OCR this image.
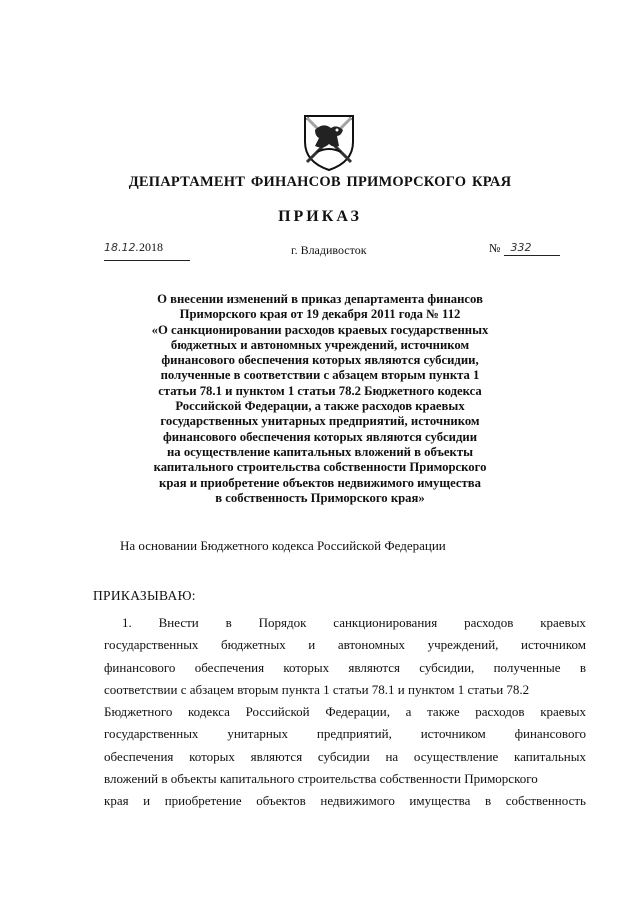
ДЕПАРТАМЕНТ ФИНАНСОВ ПРИМОРСКОГО КРАЯ
ПРИКАЗ
18.12.2018	г. Владивосток	№ 332
О внесении изменений в приказ департамента финансов
Приморского края от 19 декабря 2011 года № 112
«О санкционировании расходов краевых государственных
бюджетных и автономных учреждений, источником
финансового обеспечения которых являются субсидии,
полученные в соответствии с абзацем вторым пункта 1
статьи 78.1 и пунктом 1 статьи 78.2 Бюджетного кодекса
Российской Федерации, а также расходов краевых
государственных унитарных предприятий, источником
финансового обеспечения которых являются субсидии
на осуществление капитальных вложений в объекты
капитального строительства собственности Приморского
края и приобретение объектов недвижимого имущества
в собственность Приморского края»
На основании Бюджетного кодекса Российской Федерации
ПРИКАЗЫВАЮ:
1. Внести в Порядок санкционирования расходов краевых
государственных бюджетных и автономных учреждений, источником
финансового обеспечения которых являются субсидии, полученные в
соответствии с абзацем вторым пункта 1 статьи 78.1 и пунктом 1 статьи 78.2
Бюджетного кодекса Российской Федерации, а также расходов краевых
государственных унитарных предприятий, источником финансового
обеспечения которых являются субсидии на осуществление капитальных
вложений в объекты капитального строительства собственности Приморского
края и приобретение объектов недвижимого имущества в собственность
